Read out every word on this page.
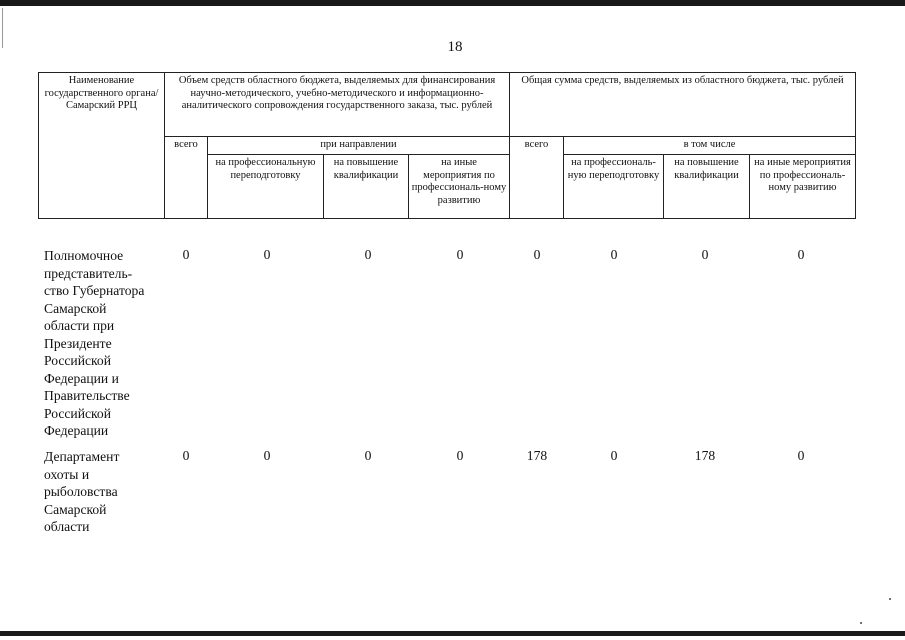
18
Наименование государственного органа/Самарский РРЦ	Объем средств областного бюджета, выделяемых для финансирования научно-методического, учебно-методического и информационно-аналитического сопровождения государственного заказа, тыс. рублей				Общая сумма средств, выделяемых из областного бюджета, тыс. рублей			
	всего	при направлении			всего	в том числе		
		на профессиональную переподготовку	на повышение квалификации	на иные мероприятия по профессиональ-ному развитию		на профессиональ-ную переподготовку	на повышение квалификации	на иные мероприятия по профессиональ-ному развитию
Полномочное
представитель-
ство Губернатора
Самарской
области при
Президенте
Российской
Федерации и
Правительстве
Российской
Федерации
0	0	0	0	0	0	0	0
Департамент
охоты и
рыболовства
Самарской
области
0	0	0	0	178	0	178	0
